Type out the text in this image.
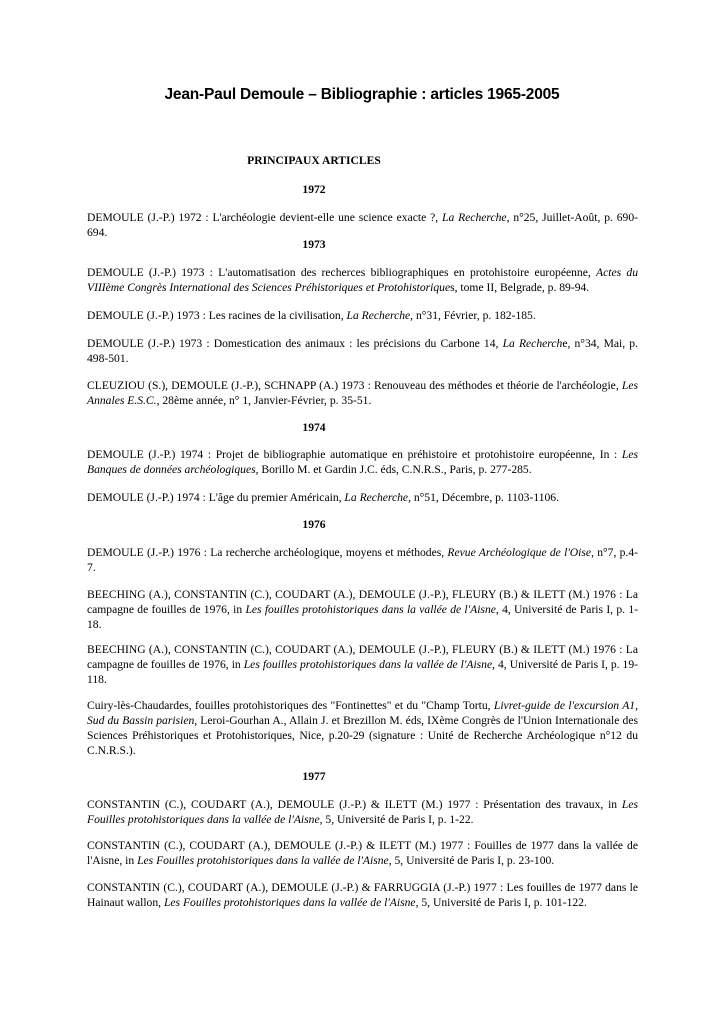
Jean-Paul Demoule – Bibliographie : articles 1965-2005
PRINCIPAUX ARTICLES
1972
DEMOULE (J.-P.) 1972 : L'archéologie devient-elle une science exacte ?, La Recherche, n°25, Juillet-Août, p. 690-694.
1973
DEMOULE (J.-P.) 1973 : L'automatisation des recherces bibliographiques en protohistoire européenne, Actes du VIIIème Congrès International des Sciences Préhistoriques et Protohistoriques, tome II, Belgrade, p. 89-94.
DEMOULE (J.-P.) 1973 : Les racines de la civilisation, La Recherche, n°31, Février, p. 182-185.
DEMOULE (J.-P.) 1973 : Domestication des animaux : les précisions du Carbone 14, La Recherche, n°34, Mai, p. 498-501.
CLEUZIOU (S.), DEMOULE (J.-P.), SCHNAPP (A.) 1973 : Renouveau des méthodes et théorie de l'archéologie, Les Annales E.S.C., 28ème année, n° 1, Janvier-Février, p. 35-51.
1974
DEMOULE (J.-P.) 1974 : Projet de bibliographie automatique en préhistoire et protohistoire européenne, In : Les Banques de données archéologiques, Borillo M. et Gardin J.C. éds, C.N.R.S., Paris, p. 277-285.
DEMOULE (J.-P.) 1974 : L'âge du premier Américain, La Recherche, n°51, Décembre, p. 1103-1106.
1976
DEMOULE (J.-P.) 1976 : La recherche archéologique, moyens et méthodes, Revue Archéologique de l'Oise, n°7, p.4-7.
BEECHING (A.), CONSTANTIN (C.), COUDART (A.), DEMOULE (J.-P.), FLEURY (B.) & ILETT (M.) 1976 : La campagne de fouilles de 1976, in Les fouilles protohistoriques dans la vallée de l'Aisne, 4, Université de Paris I, p. 1-18.
BEECHING (A.), CONSTANTIN (C.), COUDART (A.), DEMOULE (J.-P.), FLEURY (B.) & ILETT (M.) 1976 : La campagne de fouilles de 1976, in Les fouilles protohistoriques dans la vallée de l'Aisne, 4, Université de Paris I, p. 19-118.
Cuiry-lès-Chaudardes, fouilles protohistoriques des "Fontinettes" et du "Champ Tortu, Livret-guide de l'excursion A1, Sud du Bassin parisien, Leroi-Gourhan A., Allain J. et Brezillon M. éds, IXème Congrès de l'Union Internationale des Sciences Préhistoriques et Protohistoriques, Nice, p.20-29 (signature : Unité de Recherche Archéologique n°12 du C.N.R.S.).
1977
CONSTANTIN (C.), COUDART (A.), DEMOULE (J.-P.) & ILETT (M.) 1977 : Présentation des travaux, in Les Fouilles protohistoriques dans la vallée de l'Aisne, 5, Université de Paris I, p. 1-22.
CONSTANTIN (C.), COUDART (A.), DEMOULE (J.-P.) & ILETT (M.) 1977 : Fouilles de 1977 dans la vallée de l'Aisne, in Les Fouilles protohistoriques dans la vallée de l'Aisne, 5, Université de Paris I, p. 23-100.
CONSTANTIN (C.), COUDART (A.), DEMOULE (J.-P.) & FARRUGGIA (J.-P.) 1977 : Les fouilles de 1977 dans le Hainaut wallon, Les Fouilles protohistoriques dans la vallée de l'Aisne, 5, Université de Paris I, p. 101-122.
